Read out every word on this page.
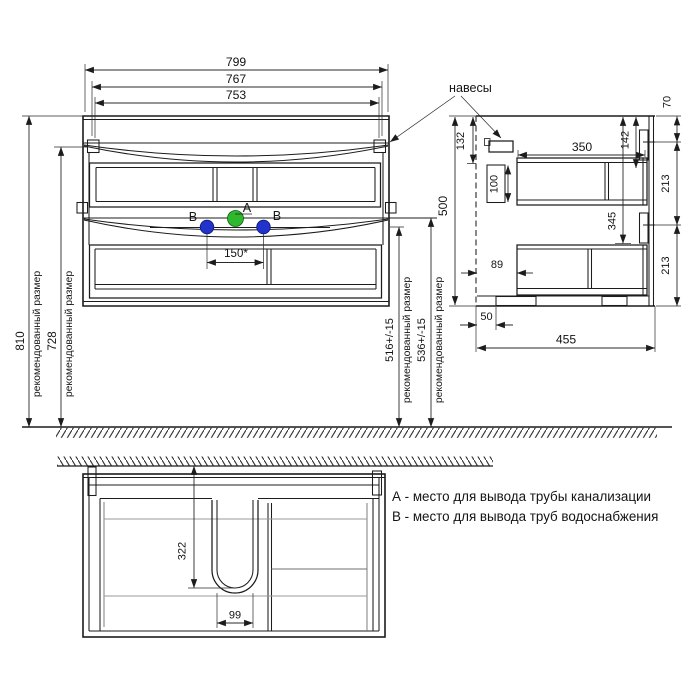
А
В	В
799
767
753
150*
810 рекомендованный размер 728 рекомендованный размер	516+/-15 рекомендованный размер 536+/-15 рекомендованный размер
500
132
навесы
350 142
345
100
89
50
455
70
213
213
322
99
А - место для вывода трубы канализации
В - место для вывода труб водоснабжения
